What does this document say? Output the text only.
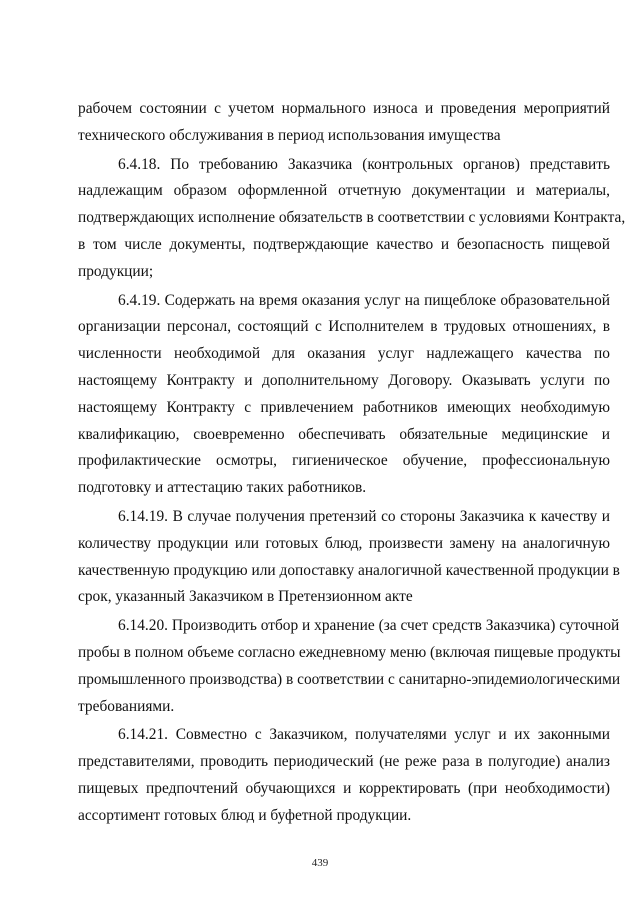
рабочем состоянии с учетом нормального износа и проведения мероприятий
технического обслуживания в период использования имущества
6.4.18. По требованию Заказчика (контрольных органов) представить
надлежащим образом оформленной отчетную документации и материалы,
подтверждающих исполнение обязательств в соответствии с условиями Контракта,
в том числе документы, подтверждающие качество и безопасность пищевой
продукции;
6.4.19. Содержать на время оказания услуг на пищеблоке образовательной
организации персонал, состоящий с Исполнителем в трудовых отношениях, в
численности необходимой для оказания услуг надлежащего качества по
настоящему Контракту и дополнительному Договору. Оказывать услуги по
настоящему Контракту с привлечением работников имеющих необходимую
квалификацию, своевременно обеспечивать обязательные медицинские и
профилактические осмотры, гигиеническое обучение, профессиональную
подготовку и аттестацию таких работников.
6.14.19. В случае получения претензий со стороны Заказчика к качеству и
количеству продукции или готовых блюд, произвести замену на аналогичную
качественную продукцию или допоставку аналогичной качественной продукции в
срок, указанный Заказчиком в Претензионном акте
6.14.20. Производить отбор и хранение (за счет средств Заказчика) суточной
пробы в полном объеме согласно ежедневному меню (включая пищевые продукты
промышленного производства) в соответствии с санитарно-эпидемиологическими
требованиями.
6.14.21. Совместно с Заказчиком, получателями услуг и их законными
представителями, проводить периодический (не реже раза в полугодие) анализ
пищевых предпочтений обучающихся и корректировать (при необходимости)
ассортимент готовых блюд и буфетной продукции.
439
